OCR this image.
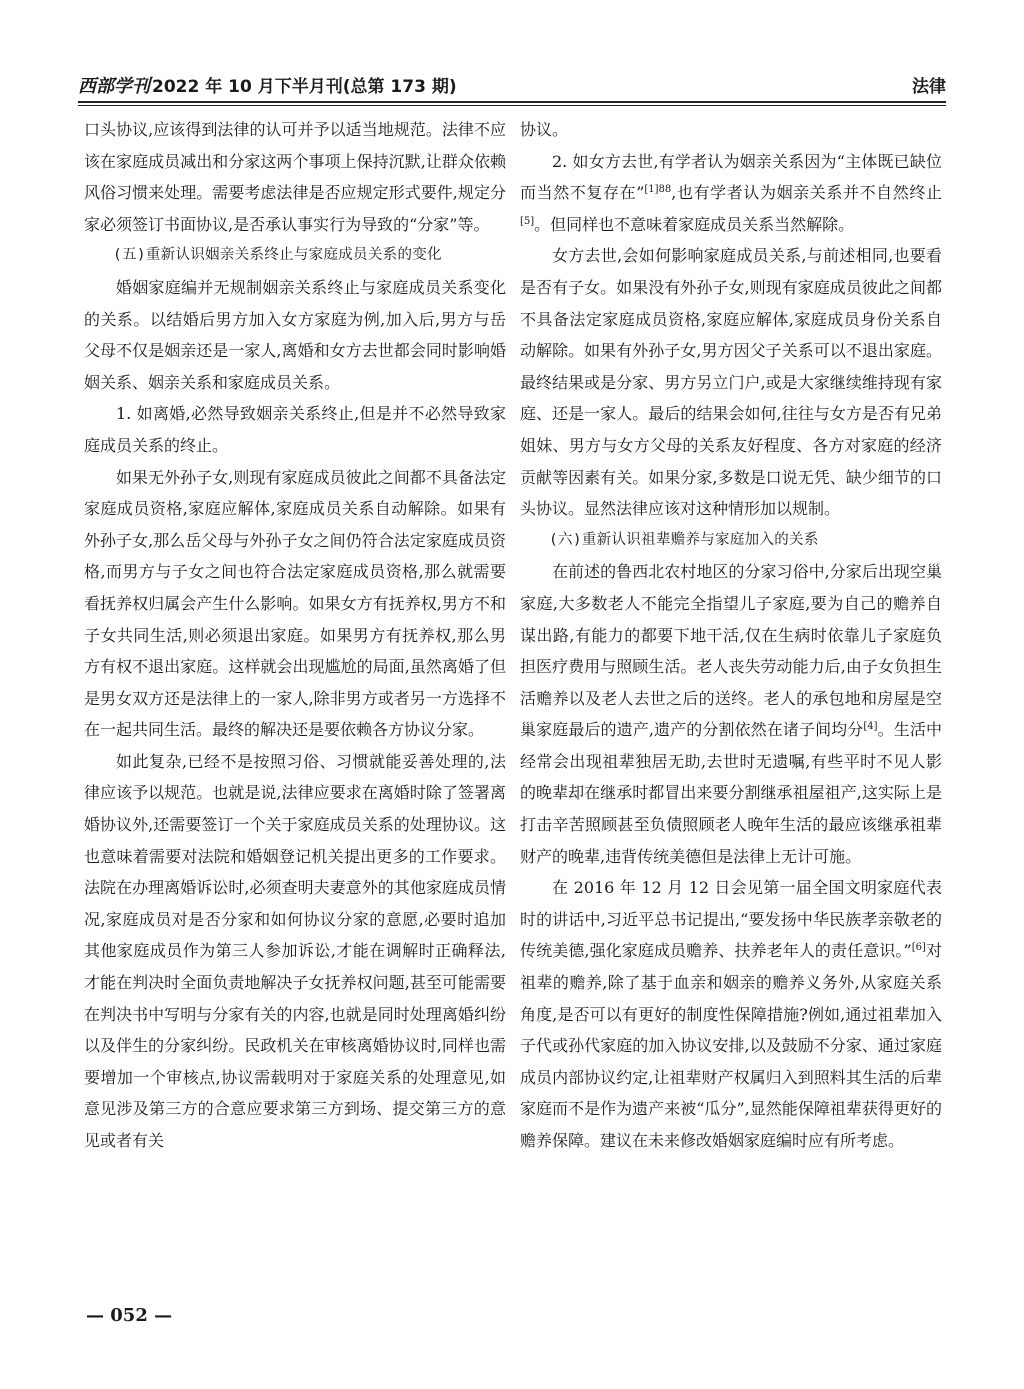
西部学刊 2022 年 10 月下半月刊(总第 173 期)	法律

口头协议,应该得到法律的认可并予以适当地规范。法律不应该在家庭成员减出和分家这两个事项上保持沉默,让群众依赖风俗习惯来处理。需要考虑法律是否应规定形式要件,规定分家必须签订书面协议,是否承认事实行为导致的“分家”等。

(五)重新认识姻亲关系终止与家庭成员关系的变化

婚姻家庭编并无规制姻亲关系终止与家庭成员关系变化的关系。以结婚后男方加入女方家庭为例,加入后,男方与岳父母不仅是姻亲还是一家人,离婚和女方去世都会同时影响婚姻关系、姻亲关系和家庭成员关系。

1. 如离婚,必然导致姻亲关系终止,但是并不必然导致家庭成员关系的终止。

如果无外孙子女,则现有家庭成员彼此之间都不具备法定家庭成员资格,家庭应解体,家庭成员关系自动解除。如果有外孙子女,那么岳父母与外孙子女之间仍符合法定家庭成员资格,而男方与子女之间也符合法定家庭成员资格,那么就需要看抚养权归属会产生什么影响。如果女方有抚养权,男方不和子女共同生活,则必须退出家庭。如果男方有抚养权,那么男方有权不退出家庭。这样就会出现尴尬的局面,虽然离婚了但是男女双方还是法律上的一家人,除非男方或者另一方选择不在一起共同生活。最终的解决还是要依赖各方协议分家。

如此复杂,已经不是按照习俗、习惯就能妥善处理的,法律应该予以规范。也就是说,法律应要求在离婚时除了签署离婚协议外,还需要签订一个关于家庭成员关系的处理协议。这也意味着需要对法院和婚姻登记机关提出更多的工作要求。法院在办理离婚诉讼时,必须查明夫妻意外的其他家庭成员情况,家庭成员对是否分家和如何协议分家的意愿,必要时追加其他家庭成员作为第三人参加诉讼,才能在调解时正确释法,才能在判决时全面负责地解决子女抚养权问题,甚至可能需要在判决书中写明与分家有关的内容,也就是同时处理离婚纠纷以及伴生的分家纠纷。民政机关在审核离婚协议时,同样也需要增加一个审核点,协议需载明对于家庭关系的处理意见,如意见涉及第三方的合意应要求第三方到场、提交第三方的意见或者有关

协议。

2. 如女方去世,有学者认为姻亲关系因为“主体既已缺位而当然不复存在”$^{[1]88}$,也有学者认为姻亲关系并不自然终止[5]。但同样也不意味着家庭成员关系当然解除。

女方去世,会如何影响家庭成员关系,与前述相同,也要看是否有子女。如果没有外孙子女,则现有家庭成员彼此之间都不具备法定家庭成员资格,家庭应解体,家庭成员身份关系自动解除。如果有外孙子女,男方因父子关系可以不退出家庭。最终结果或是分家、男方另立门户,或是大家继续维持现有家庭、还是一家人。最后的结果会如何,往往与女方是否有兄弟姐妹、男方与女方父母的关系友好程度、各方对家庭的经济贡献等因素有关。如果分家,多数是口说无凭、缺少细节的口头协议。显然法律应该对这种情形加以规制。

(六)重新认识祖辈赡养与家庭加入的关系

在前述的鲁西北农村地区的分家习俗中,分家后出现空巢家庭,大多数老人不能完全指望儿子家庭,要为自己的赡养自谋出路,有能力的都要下地干活,仅在生病时依靠儿子家庭负担医疗费用与照顾生活。老人丧失劳动能力后,由子女负担生活赡养以及老人去世之后的送终。老人的承包地和房屋是空巢家庭最后的遗产,遗产的分割依然在诸子间均分[4]。生活中经常会出现祖辈独居无助,去世时无遗嘱,有些平时不见人影的晚辈却在继承时都冒出来要分割继承祖屋祖产,这实际上是打击辛苦照顾甚至负债照顾老人晚年生活的最应该继承祖辈财产的晚辈,违背传统美德但是法律上无计可施。

在 2016 年 12 月 12 日会见第一届全国文明家庭代表时的讲话中,习近平总书记提出,“要发扬中华民族孝亲敬老的传统美德,强化家庭成员赡养、扶养老年人的责任意识。”[6]对祖辈的赡养,除了基于血亲和姻亲的赡养义务外,从家庭关系角度,是否可以有更好的制度性保障措施?例如,通过祖辈加入子代或孙代家庭的加入协议安排,以及鼓励不分家、通过家庭成员内部协议约定,让祖辈财产权属归入到照料其生活的后辈家庭而不是作为遗产来被“瓜分”,显然能保障祖辈获得更好的赡养保障。建议在未来修改婚姻家庭编时应有所考虑。

— 052 —
